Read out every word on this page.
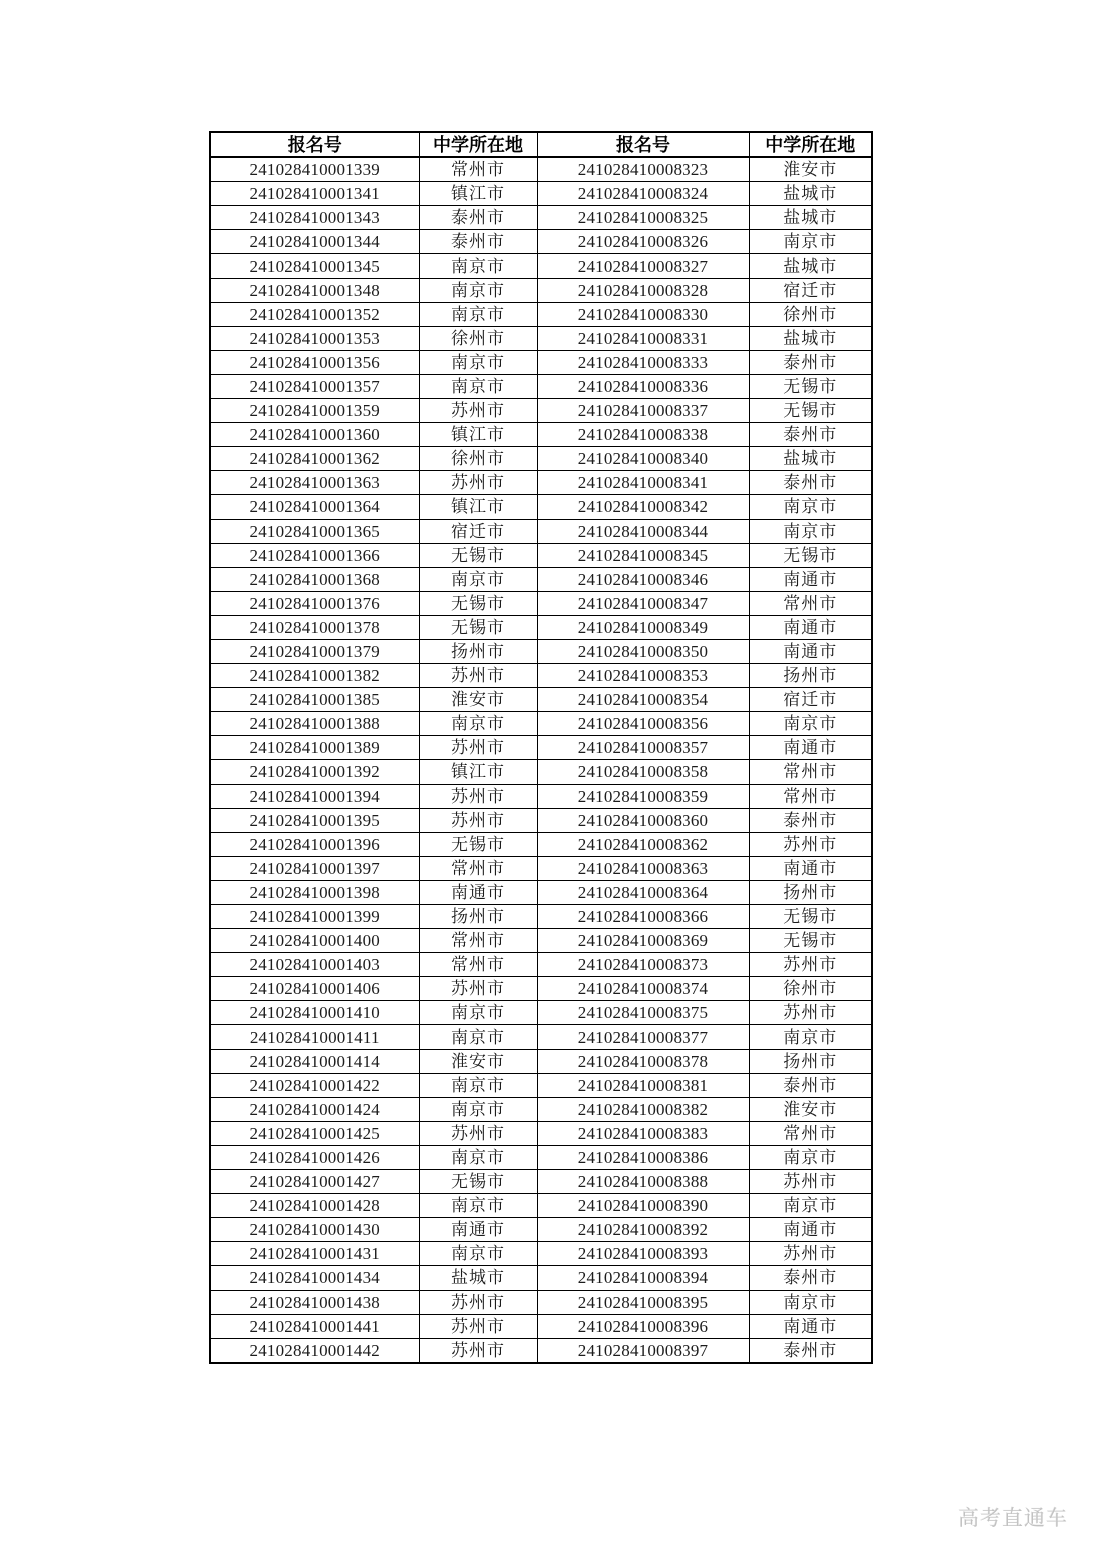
报名号	中学所在地	报名号	中学所在地
241028410001339	常州市	241028410008323	淮安市
241028410001341	镇江市	241028410008324	盐城市
241028410001343	泰州市	241028410008325	盐城市
241028410001344	泰州市	241028410008326	南京市
241028410001345	南京市	241028410008327	盐城市
241028410001348	南京市	241028410008328	宿迁市
241028410001352	南京市	241028410008330	徐州市
241028410001353	徐州市	241028410008331	盐城市
241028410001356	南京市	241028410008333	泰州市
241028410001357	南京市	241028410008336	无锡市
241028410001359	苏州市	241028410008337	无锡市
241028410001360	镇江市	241028410008338	泰州市
241028410001362	徐州市	241028410008340	盐城市
241028410001363	苏州市	241028410008341	泰州市
241028410001364	镇江市	241028410008342	南京市
241028410001365	宿迁市	241028410008344	南京市
241028410001366	无锡市	241028410008345	无锡市
241028410001368	南京市	241028410008346	南通市
241028410001376	无锡市	241028410008347	常州市
241028410001378	无锡市	241028410008349	南通市
241028410001379	扬州市	241028410008350	南通市
241028410001382	苏州市	241028410008353	扬州市
241028410001385	淮安市	241028410008354	宿迁市
241028410001388	南京市	241028410008356	南京市
241028410001389	苏州市	241028410008357	南通市
241028410001392	镇江市	241028410008358	常州市
241028410001394	苏州市	241028410008359	常州市
241028410001395	苏州市	241028410008360	泰州市
241028410001396	无锡市	241028410008362	苏州市
241028410001397	常州市	241028410008363	南通市
241028410001398	南通市	241028410008364	扬州市
241028410001399	扬州市	241028410008366	无锡市
241028410001400	常州市	241028410008369	无锡市
241028410001403	常州市	241028410008373	苏州市
241028410001406	苏州市	241028410008374	徐州市
241028410001410	南京市	241028410008375	苏州市
241028410001411	南京市	241028410008377	南京市
241028410001414	淮安市	241028410008378	扬州市
241028410001422	南京市	241028410008381	泰州市
241028410001424	南京市	241028410008382	淮安市
241028410001425	苏州市	241028410008383	常州市
241028410001426	南京市	241028410008386	南京市
241028410001427	无锡市	241028410008388	苏州市
241028410001428	南京市	241028410008390	南京市
241028410001430	南通市	241028410008392	南通市
241028410001431	南京市	241028410008393	苏州市
241028410001434	盐城市	241028410008394	泰州市
241028410001438	苏州市	241028410008395	南京市
241028410001441	苏州市	241028410008396	南通市
241028410001442	苏州市	241028410008397	泰州市
高考直通车
